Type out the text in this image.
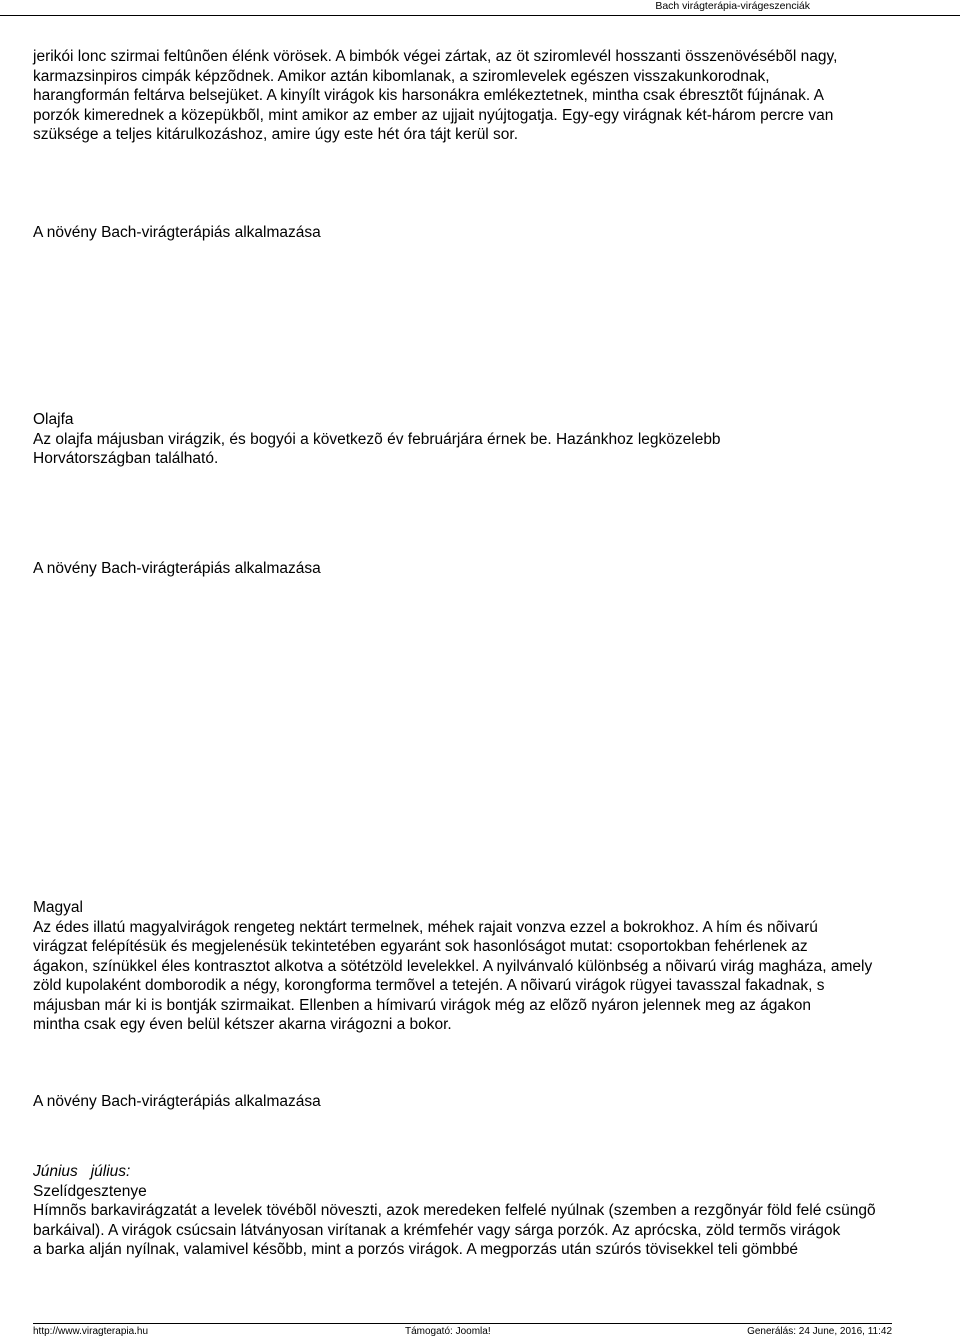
Bach virágterápia-virágeszenciák

jerikói lonc szirmai feltûnõen élénk vörösek. A bimbók végei zártak, az öt sziromlevél hosszanti összenövésébõl nagy,
karmazsinpiros cimpák képzõdnek. Amikor aztán kibomlanak, a sziromlevelek egészen visszakunkorodnak,
harangformán feltárva belsejüket. A kinyílt virágok kis harsonákra emlékeztetnek, mintha csak ébresztõt fújnának. A
porzók kimerednek a közepükbõl, mint amikor az ember az ujjait nyújtogatja. Egy-egy virágnak két-három percre van
szüksége a teljes kitárulkozáshoz, amire úgy este hét óra tájt kerül sor.

A növény Bach-virágterápiás alkalmazása

Olajfa

Az olajfa májusban virágzik, és bogyói a következõ év februárjára érnek be. Hazánkhoz legközelebb
Horvátországban található.

A növény Bach-virágterápiás alkalmazása

Magyal

Az édes illatú magyalvirágok rengeteg nektárt termelnek, méhek rajait vonzva ezzel a bokrokhoz. A hím és nõivarú
virágzat felépítésük és megjelenésük tekintetében egyaránt sok hasonlóságot mutat: csoportokban fehérlenek az
ágakon, színükkel éles kontrasztot alkotva a sötétzöld levelekkel. A nyilvánvaló különbség a nõivarú virág magháza, amely
zöld kupolaként domborodik a négy, korongforma termõvel a tetején. A nõivarú virágok rügyei tavasszal fakadnak, s
májusban már ki is bontják szirmaikat. Ellenben a hímivarú virágok még az elõzõ nyáron jelennek meg az ágakon
mintha csak egy éven belül kétszer akarna virágozni a bokor.

A növény Bach-virágterápiás alkalmazása

Június   július:

Szelídgesztenye

Hímnõs barkavirágzatát a levelek tövébõl növeszti, azok meredeken felfelé nyúlnak (szemben a rezgõnyár föld felé csüngõ
barkáival). A virágok csúcsain látványosan virítanak a krémfehér vagy sárga porzók. Az aprócska, zöld termõs virágok
a barka alján nyílnak, valamivel késõbb, mint a porzós virágok. A megporzás után szúrós tövisekkel teli gömbbé

http://www.viragterapia.hu	Támogató: Joomla!	Generálás: 24 June, 2016, 11:42
